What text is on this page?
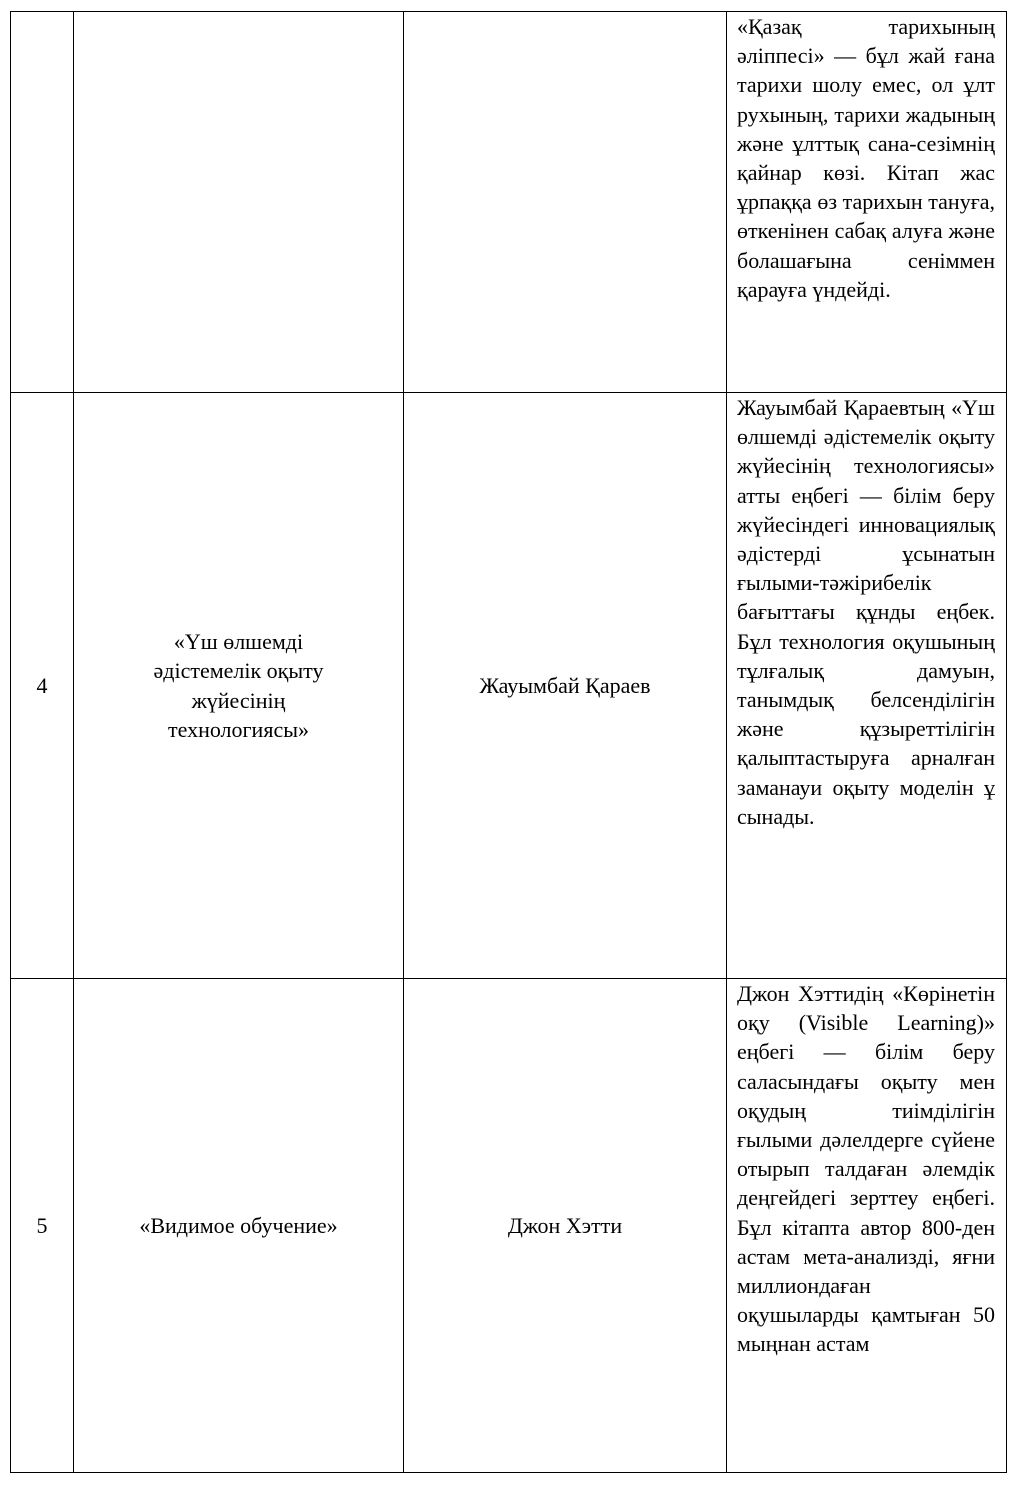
			«Қазақ тарихының әліппесі» — бұл жай ғана тарихи шолу емес, ол ұлт рухының, тарихи жадының және ұлттық сана-сезімнің қайнар көзі. Кітап жас ұрпаққа өз тарихын тануға, өткенінен сабақ алуға және болашағына сеніммен қарауға үндейді.

4	«Үш өлшемді әдістемелік оқыту жүйесінің технологиясы»	Жауымбай Қараев	Жауымбай Қараевтың «Үш өлшемді әдістемелік оқыту жүйесінің технологиясы» атты еңбегі — білім беру жүйесіндегі инновациялық әдістерді ұсынатын ғылыми-тәжірибелік бағыттағы құнды еңбек. Бұл технология оқушының тұлғалық дамуын, танымдық белсенділігін және құзыреттілігін қалыптастыруға арналған заманауи оқыту моделін ұ сынады.

5	«Видимое обучение»	Джон Хэтти	Джон Хэттидің «Көрінетін оқу (Visible Learning)» еңбегі — білім беру саласындағы оқыту мен оқудың тиімділігін ғылыми дәлелдерге сүйене отырып талдаған әлемдік деңгейдегі зерттеу еңбегі. Бұл кітапта автор 800-ден астам мета-анализді, яғни миллиондаған оқушыларды қамтыған 50 мыңнан астам
